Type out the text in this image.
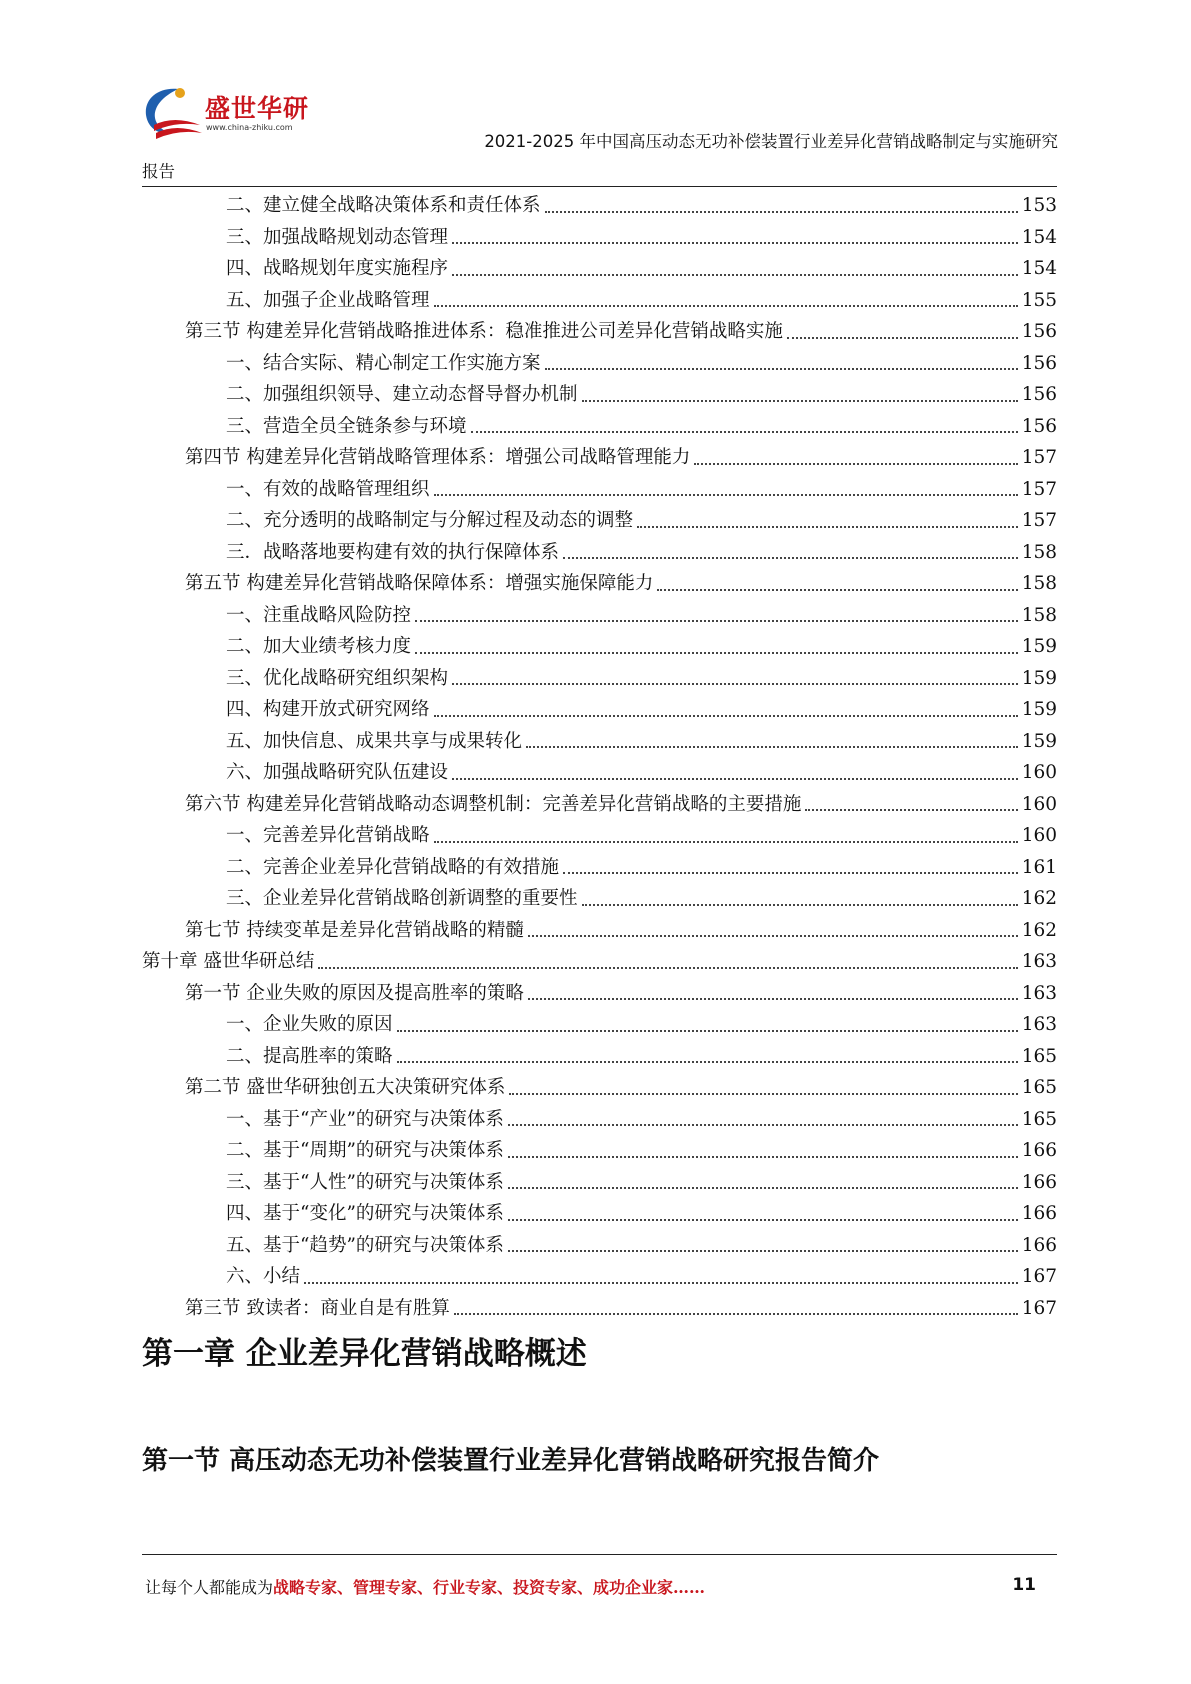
盛世华研
www.china-zhiku.com
2021-2025 年中国高压动态无功补偿装置行业差异化营销战略制定与实施研究
报告
二、建立健全战略决策体系和责任体系	153
三、加强战略规划动态管理	154
四、战略规划年度实施程序	154
五、加强子企业战略管理	155
第三节 构建差异化营销战略推进体系：稳准推进公司差异化营销战略实施	156
一、结合实际、精心制定工作实施方案	156
二、加强组织领导、建立动态督导督办机制	156
三、营造全员全链条参与环境	156
第四节 构建差异化营销战略管理体系：增强公司战略管理能力	157
一、有效的战略管理组织	157
二、充分透明的战略制定与分解过程及动态的调整	157
三．战略落地要构建有效的执行保障体系	158
第五节 构建差异化营销战略保障体系：增强实施保障能力	158
一、注重战略风险防控	158
二、加大业绩考核力度	159
三、优化战略研究组织架构	159
四、构建开放式研究网络	159
五、加快信息、成果共享与成果转化	159
六、加强战略研究队伍建设	160
第六节 构建差异化营销战略动态调整机制：完善差异化营销战略的主要措施	160
一、完善差异化营销战略	160
二、完善企业差异化营销战略的有效措施	161
三、企业差异化营销战略创新调整的重要性	162
第七节 持续变革是差异化营销战略的精髓	162
第十章 盛世华研总结	163
第一节 企业失败的原因及提高胜率的策略	163
一、企业失败的原因	163
二、提高胜率的策略	165
第二节 盛世华研独创五大决策研究体系	165
一、基于“产业”的研究与决策体系	165
二、基于“周期”的研究与决策体系	166
三、基于“人性”的研究与决策体系	166
四、基于“变化”的研究与决策体系	166
五、基于“趋势”的研究与决策体系	166
六、小结	167
第三节 致读者：商业自是有胜算	167
第一章 企业差异化营销战略概述
第一节 高压动态无功补偿装置行业差异化营销战略研究报告简介
让每个人都能成为战略专家、管理专家、行业专家、投资专家、成功企业家……	11
